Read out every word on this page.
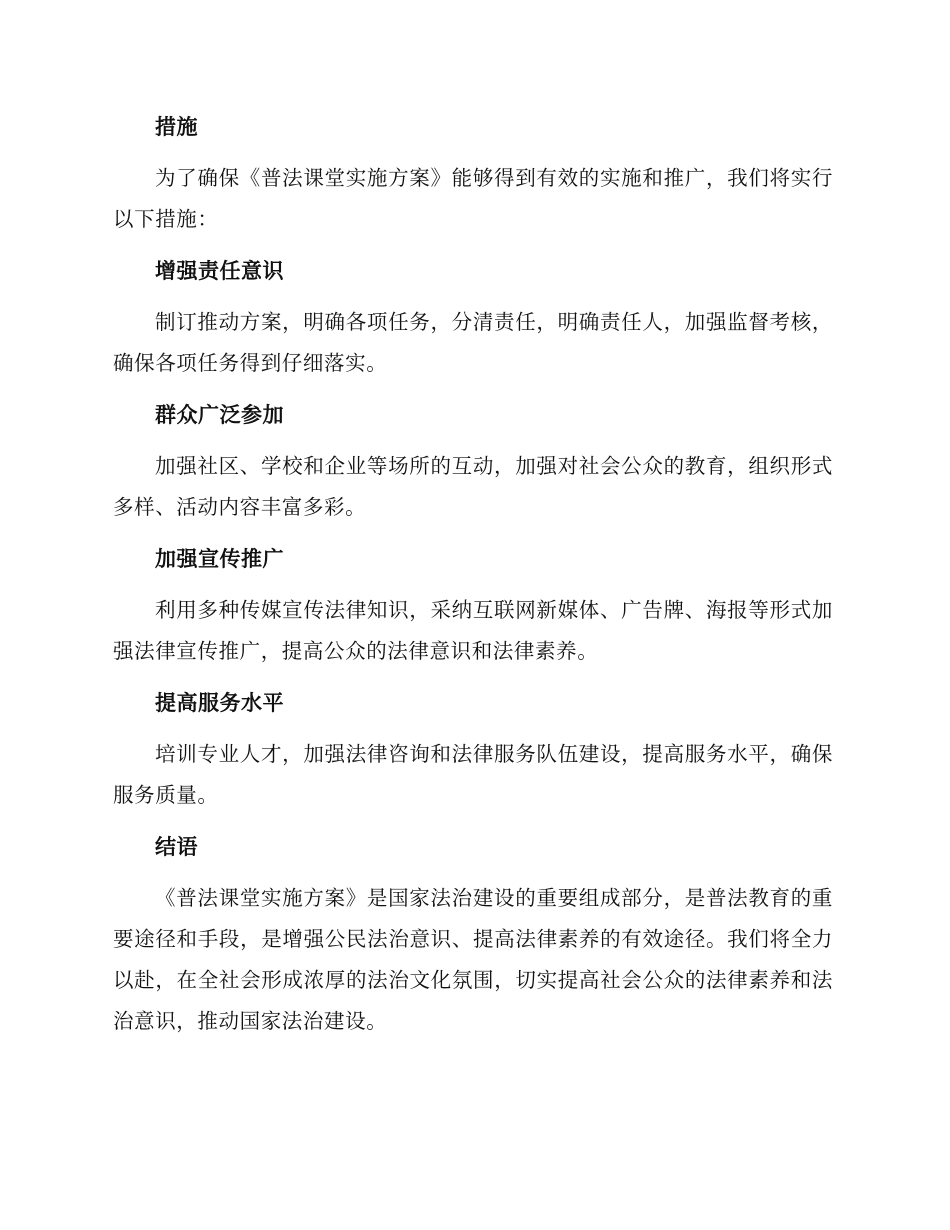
措施

为了确保《普法课堂实施方案》能够得到有效的实施和推广，我们将实行以下措施：

增强责任意识

制订推动方案，明确各项任务，分清责任，明确责任人，加强监督考核，确保各项任务得到仔细落实。

群众广泛参加

加强社区、学校和企业等场所的互动，加强对社会公众的教育，组织形式多样、活动内容丰富多彩。

加强宣传推广

利用多种传媒宣传法律知识，采纳互联网新媒体、广告牌、海报等形式加强法律宣传推广，提高公众的法律意识和法律素养。

提高服务水平

培训专业人才，加强法律咨询和法律服务队伍建设，提高服务水平，确保服务质量。

结语

《普法课堂实施方案》是国家法治建设的重要组成部分，是普法教育的重要途径和手段，是增强公民法治意识、提高法律素养的有效途径。我们将全力以赴，在全社会形成浓厚的法治文化氛围，切实提高社会公众的法律素养和法治意识，推动国家法治建设。
